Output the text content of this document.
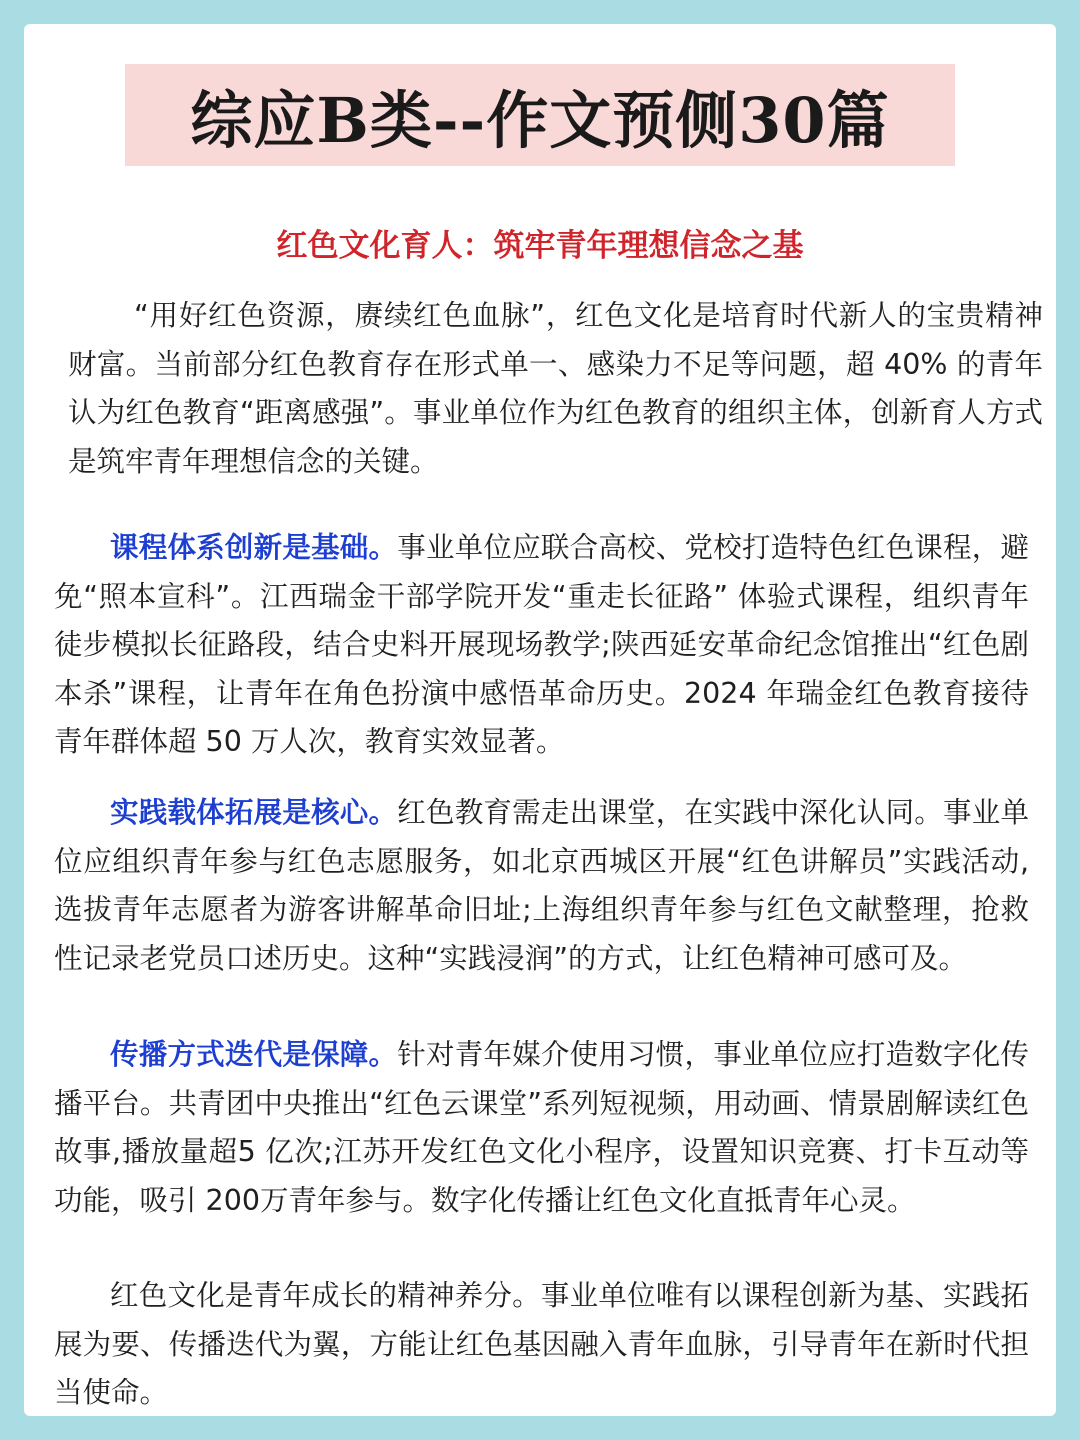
综应B类--作文预侧30篇
红色文化育人：筑牢青年理想信念之基

“用好红色资源，赓续红色血脉”，红色文化是培育时代新人的宝贵精神财富。当前部分红色教育存在形式单一、感染力不足等问题，超 40% 的青年认为红色教育“距离感强”。事业单位作为红色教育的组织主体，创新育人方式是筑牢青年理想信念的关键。

课程体系创新是基础。事业单位应联合高校、党校打造特色红色课程，避免“照本宣科”。江西瑞金干部学院开发“重走长征路” 体验式课程，组织青年徒步模拟长征路段，结合史料开展现场教学;陕西延安革命纪念馆推出“红色剧本杀”课程，让青年在角色扮演中感悟革命历史。2024 年瑞金红色教育接待青年群体超 50 万人次，教育实效显著。

实践载体拓展是核心。红色教育需走出课堂，在实践中深化认同。事业单位应组织青年参与红色志愿服务，如北京西城区开展“红色讲解员”实践活动,选拔青年志愿者为游客讲解革命旧址;上海组织青年参与红色文献整理，抢救性记录老党员口述历史。这种“实践浸润”的方式，让红色精神可感可及。

传播方式迭代是保障。针对青年媒介使用习惯，事业单位应打造数字化传播平台。共青团中央推出“红色云课堂”系列短视频，用动画、情景剧解读红色故事,播放量超5 亿次;江苏开发红色文化小程序，设置知识竞赛、打卡互动等功能，吸引 200万青年参与。数字化传播让红色文化直抵青年心灵。

红色文化是青年成长的精神养分。事业单位唯有以课程创新为基、实践拓展为要、传播迭代为翼，方能让红色基因融入青年血脉，引导青年在新时代担当使命。
